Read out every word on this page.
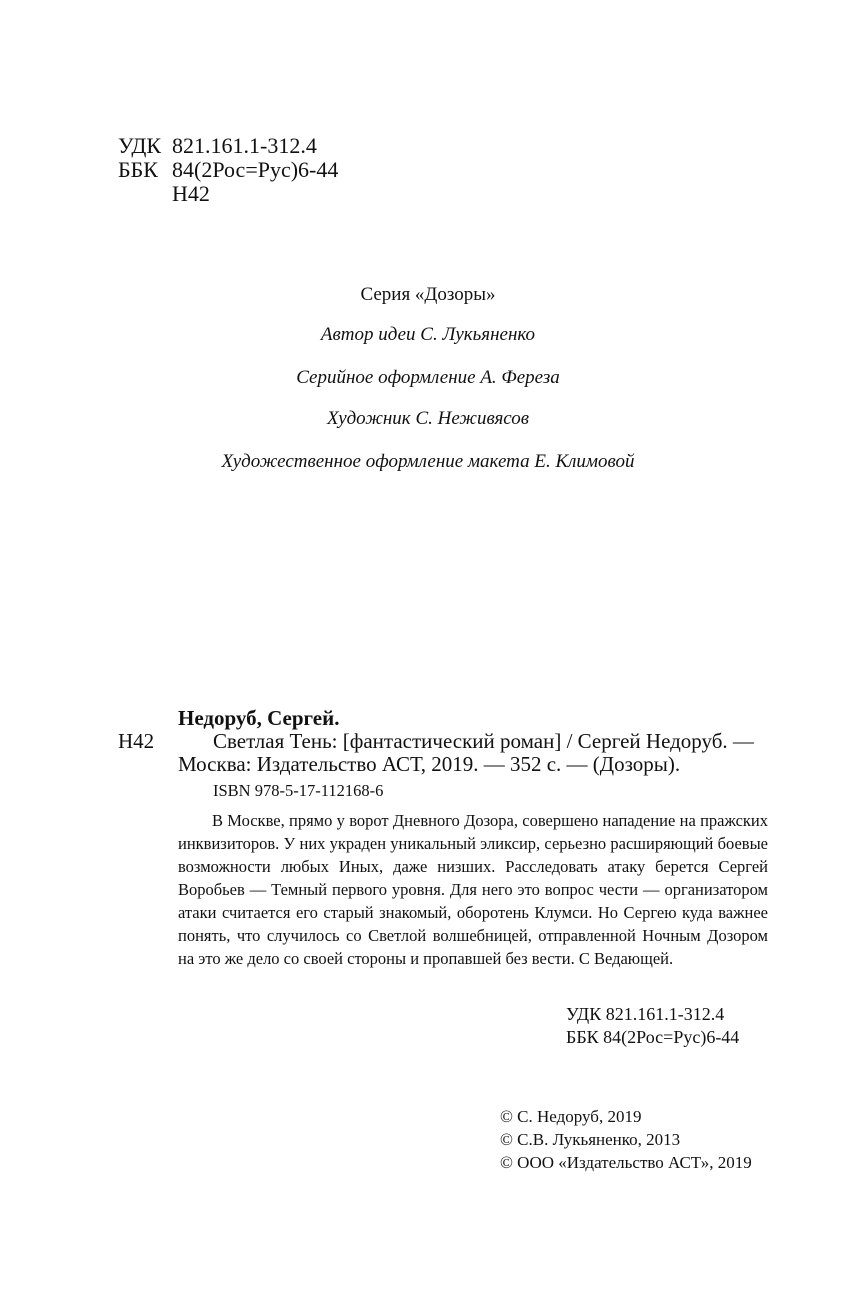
УДК 821.161.1-312.4
ББК 84(2Рос=Рус)6-44
Н42
Серия «Дозоры»
Автор идеи С. Лукьяненко
Серийное оформление А. Фереза
Художник С. Неживясов
Художественное оформление макета Е. Климовой
Недоруб, Сергей.
Н42	Светлая Тень: [фантастический роман] / Сергей Недоруб. —
Москва: Издательство АСТ, 2019. — 352 с. — (Дозоры).
ISBN 978-5-17-112168-6
В Москве, прямо у ворот Дневного Дозора, совершено нападение на пражских инквизиторов. У них украден уникальный эликсир, серьезно расширяющий боевые возможности любых Иных, даже низших. Расследовать атаку берется Сергей Воробьев — Темный первого уровня. Для него это вопрос чести — организатором атаки считается его старый знакомый, оборотень Клумси. Но Сергею куда важнее понять, что случилось со Светлой волшебницей, отправленной Ночным Дозором на это же дело со своей стороны и пропавшей без вести. С Ведающей.
УДК 821.161.1-312.4
ББК 84(2Рос=Рус)6-44
© С. Недоруб, 2019
© С.В. Лукьяненко, 2013
© ООО «Издательство АСТ», 2019
